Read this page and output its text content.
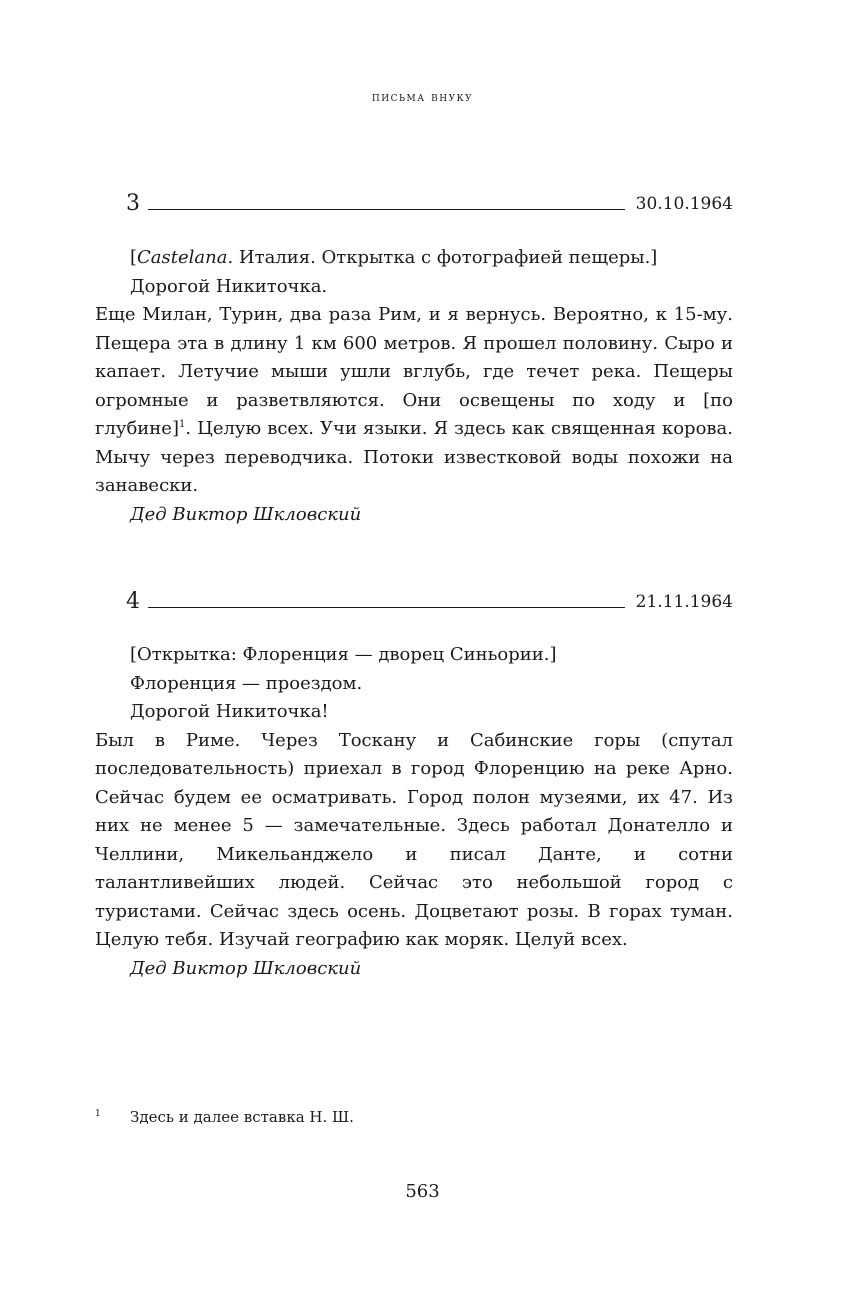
письма внуку
3	30.10.1964

[Castelana. Италия. Открытка с фотографией пещеры.]

Дорогой Никиточка.

Еще Милан, Турин, два раза Рим, и я вернусь. Вероятно, к 15-му. Пещера эта в длину 1 км 600 метров. Я прошел половину. Сыро и капает. Летучие мыши ушли вглубь, где течет река. Пещеры огромные и разветвляются. Они освещены по ходу и [по глубине]$^1$. Целую всех. Учи языки. Я здесь как священная корова. Мычу через переводчика. Потоки известковой воды похожи на занавески.

Дед Виктор Шкловский

4	21.11.1964

[Открытка: Флоренция — дворец Синьории.]

Флоренция — проездом.

Дорогой Никиточка!

Был в Риме. Через Тоскану и Сабинские горы (спутал последовательность) приехал в город Флоренцию на реке Арно. Сейчас будем ее осматривать. Город полон музеями, их 47. Из них не менее 5 — замечательные. Здесь работал Донателло и Челлини, Микельанджело и писал Данте, и сотни талантливейших людей. Сейчас это небольшой город с туристами. Сейчас здесь осень. Доцветают розы. В горах туман. Целую тебя. Изучай географию как моряк. Целуй всех.

Дед Виктор Шкловский

1 Здесь и далее вставка Н. Ш.
563
